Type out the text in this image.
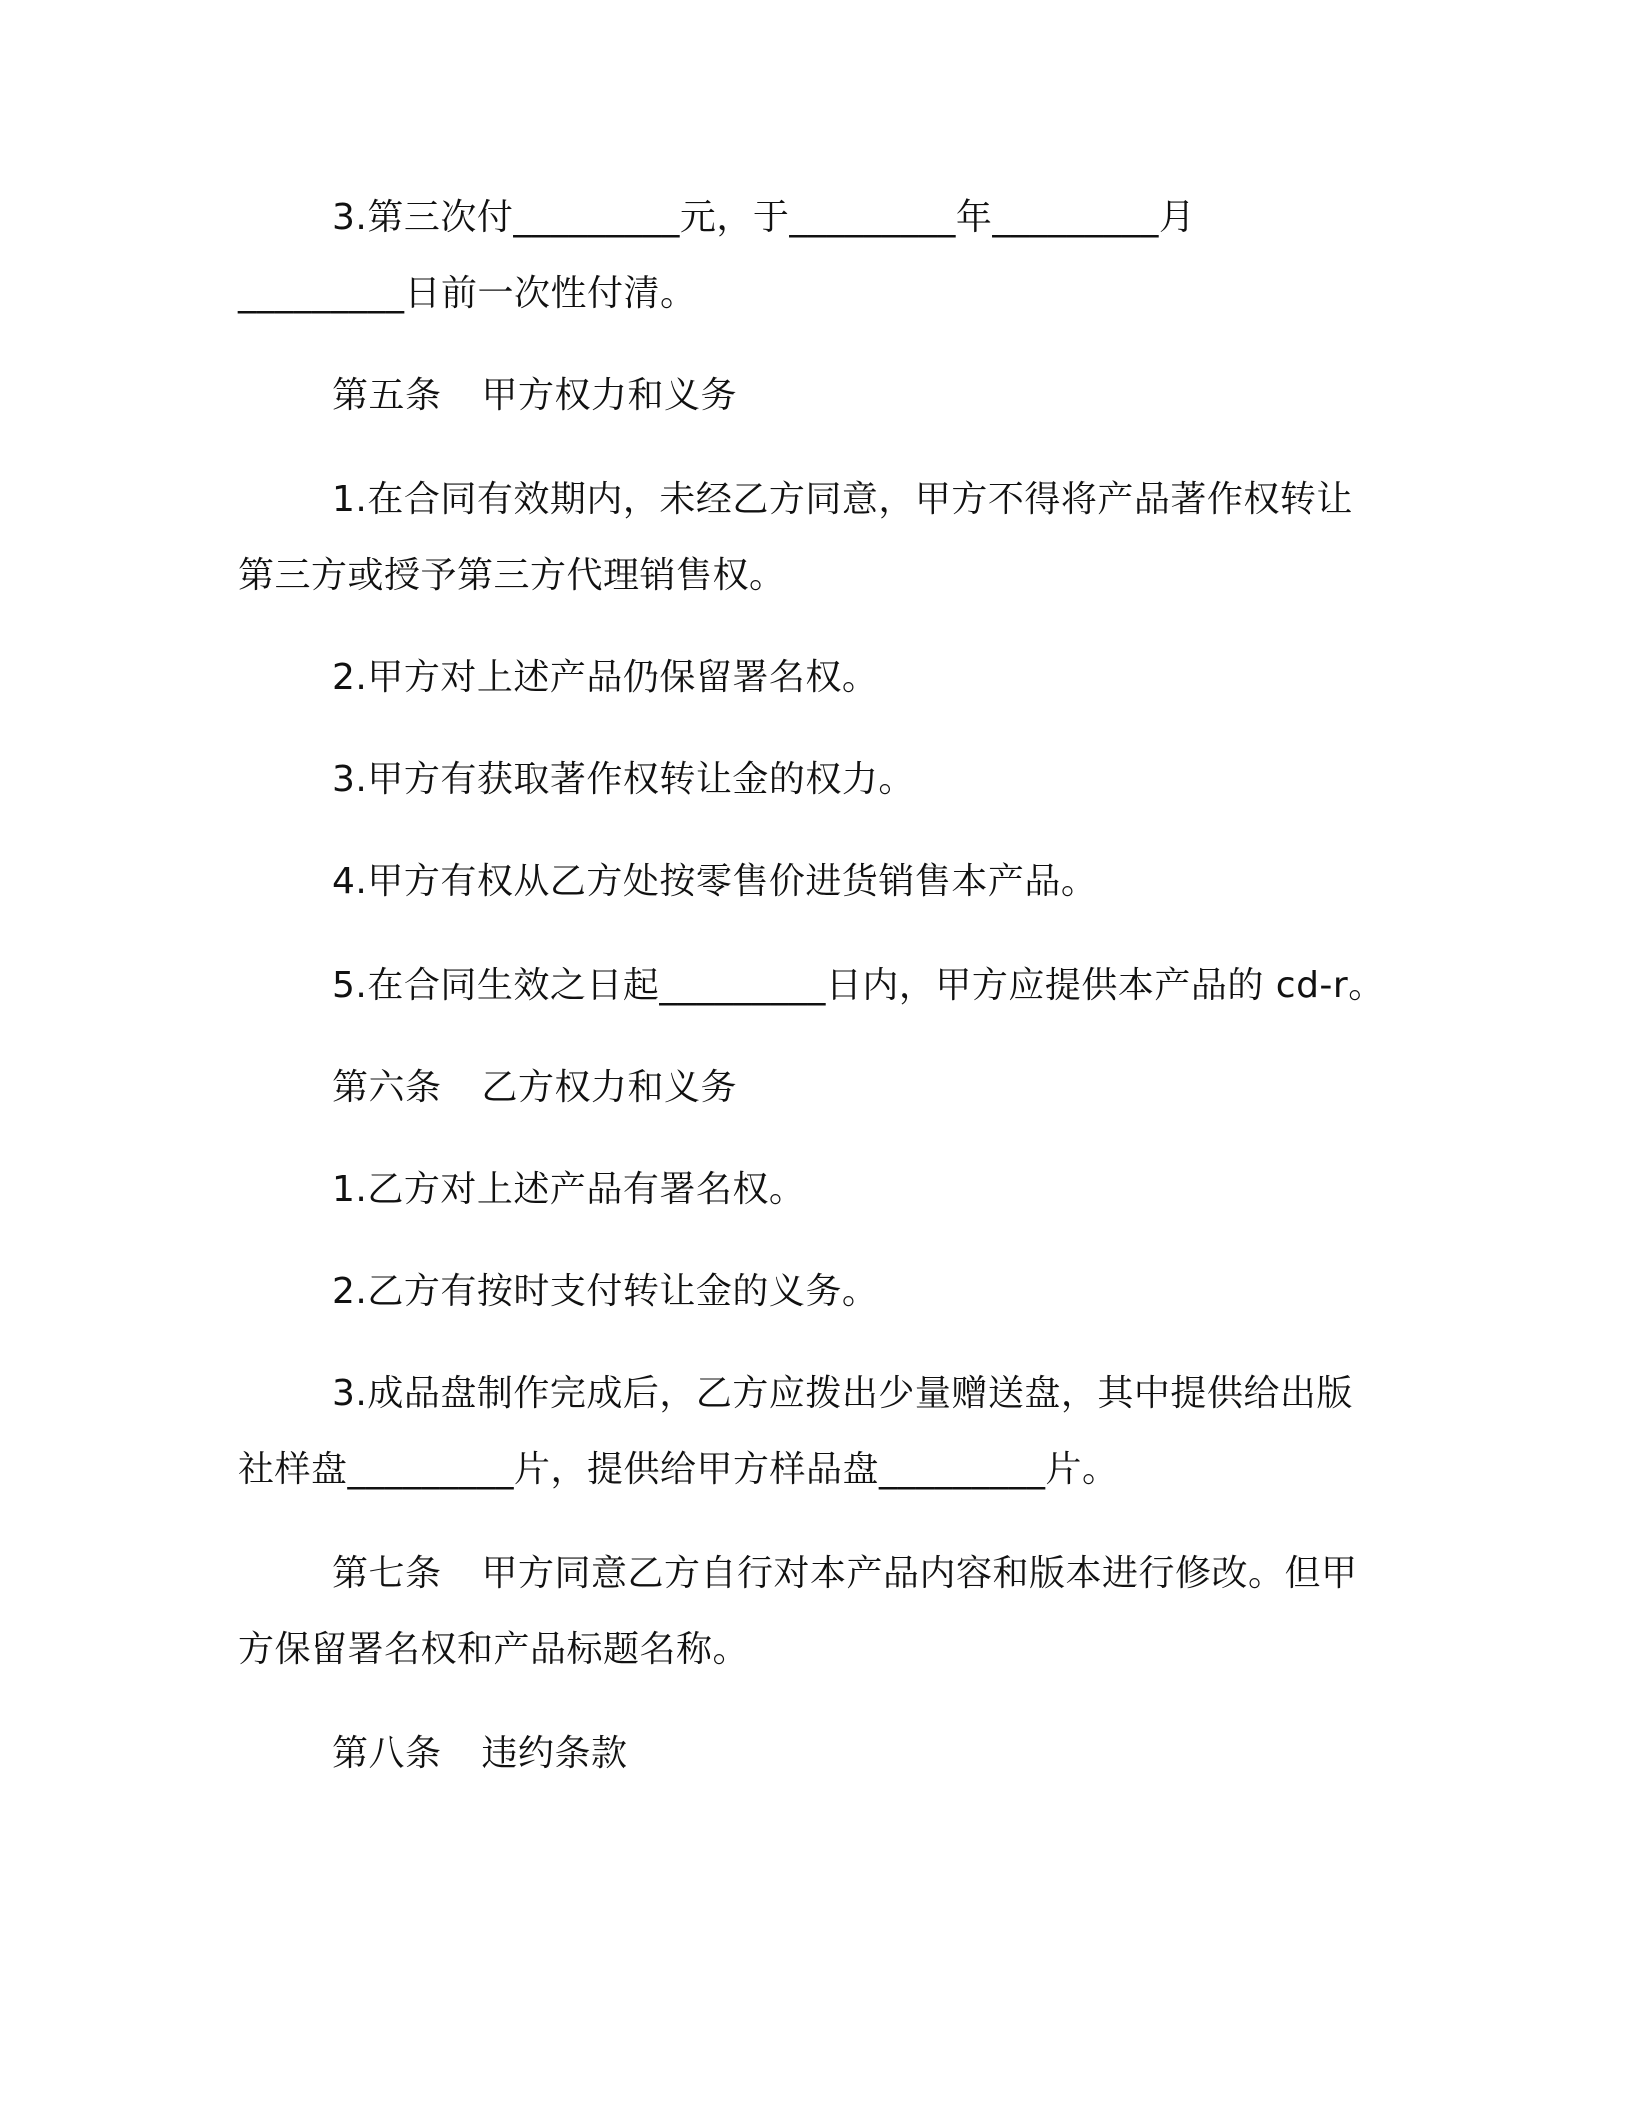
3.第三次付_________元，于_________年_________月
_________日前一次性付清。
第五条 甲方权力和义务
1.在合同有效期内，未经乙方同意，甲方不得将产品著作权转让
第三方或授予第三方代理销售权。
2.甲方对上述产品仍保留署名权。
3.甲方有获取著作权转让金的权力。
4.甲方有权从乙方处按零售价进货销售本产品。
5.在合同生效之日起_________日内，甲方应提供本产品的 cd-r。
第六条 乙方权力和义务
1.乙方对上述产品有署名权。
2.乙方有按时支付转让金的义务。
3.成品盘制作完成后，乙方应拨出少量赠送盘，其中提供给出版
社样盘_________片，提供给甲方样品盘_________片。
第七条 甲方同意乙方自行对本产品内容和版本进行修改。但甲
方保留署名权和产品标题名称。
第八条 违约条款
